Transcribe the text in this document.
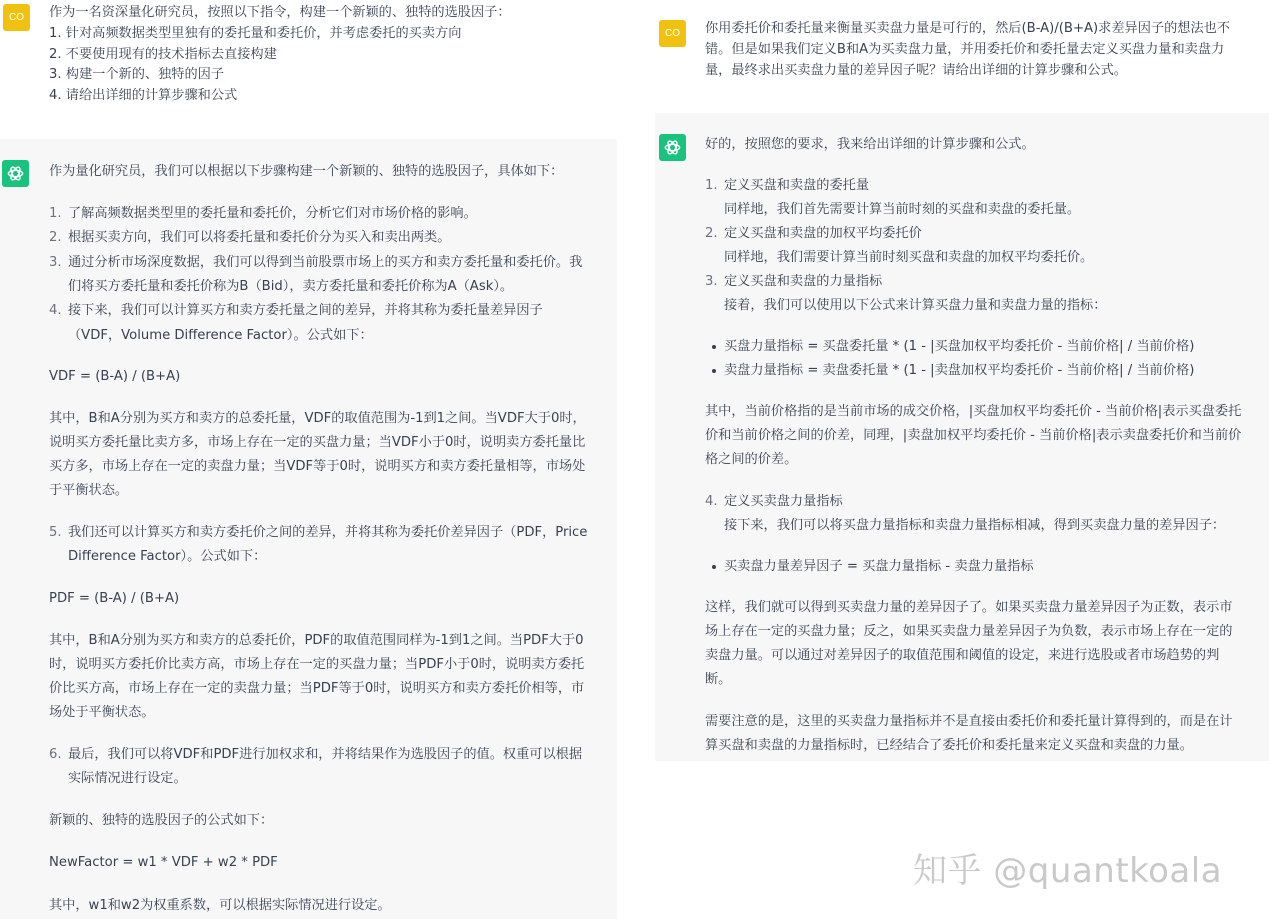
CO	作为一名资深量化研究员，按照以下指令，构建一个新颖的、独特的选股因子：
1. 针对高频数据类型里独有的委托量和委托价，并考虑委托的买卖方向
2. 不要使用现有的技术指标去直接构建
3. 构建一个新的、独特的因子
4. 请给出详细的计算步骤和公式
作为量化研究员，我们可以根据以下步骤构建一个新颖的、独特的选股因子，具体如下：
1. 了解高频数据类型里的委托量和委托价，分析它们对市场价格的影响。
2. 根据买卖方向，我们可以将委托量和委托价分为买入和卖出两类。
3. 通过分析市场深度数据，我们可以得到当前股票市场上的买方和卖方委托量和委托价。我
们将买方委托量和委托价称为B（Bid），卖方委托量和委托价称为A（Ask）。
4. 接下来，我们可以计算买方和卖方委托量之间的差异，并将其称为委托量差异因子
（VDF，Volume Difference Factor）。公式如下：
VDF = (B-A) / (B+A)
其中，B和A分别为买方和卖方的总委托量，VDF的取值范围为-1到1之间。当VDF大于0时，
说明买方委托量比卖方多，市场上存在一定的买盘力量；当VDF小于0时，说明卖方委托量比
买方多，市场上存在一定的卖盘力量；当VDF等于0时，说明买方和卖方委托量相等，市场处
于平衡状态。
5. 我们还可以计算买方和卖方委托价之间的差异，并将其称为委托价差异因子（PDF，Price
Difference Factor）。公式如下：
PDF = (B-A) / (B+A)
其中，B和A分别为买方和卖方的总委托价，PDF的取值范围同样为-1到1之间。当PDF大于0
时，说明买方委托价比卖方高，市场上存在一定的买盘力量；当PDF小于0时，说明卖方委托
价比买方高，市场上存在一定的卖盘力量；当PDF等于0时，说明买方和卖方委托价相等，市
场处于平衡状态。
6. 最后，我们可以将VDF和PDF进行加权求和，并将结果作为选股因子的值。权重可以根据
实际情况进行设定。
新颖的、独特的选股因子的公式如下：
NewFactor = w1 * VDF + w2 * PDF
其中，w1和w2为权重系数，可以根据实际情况进行设定。
CO	你用委托价和委托量来衡量买卖盘力量是可行的，然后(B-A)/(B+A)求差异因子的想法也不
错。但是如果我们定义B和A为买卖盘力量，并用委托价和委托量去定义买盘力量和卖盘力
量，最终求出买卖盘力量的差异因子呢？请给出详细的计算步骤和公式。
好的，按照您的要求，我来给出详细的计算步骤和公式。
1. 定义买盘和卖盘的委托量
同样地，我们首先需要计算当前时刻的买盘和卖盘的委托量。
2. 定义买盘和卖盘的加权平均委托价
同样地，我们需要计算当前时刻买盘和卖盘的加权平均委托价。
3. 定义买盘和卖盘的力量指标
接着，我们可以使用以下公式来计算买盘力量和卖盘力量的指标：
买盘力量指标 = 买盘委托量 * (1 - |买盘加权平均委托价 - 当前价格| / 当前价格)
卖盘力量指标 = 卖盘委托量 * (1 - |卖盘加权平均委托价 - 当前价格| / 当前价格)
其中，当前价格指的是当前市场的成交价格，|买盘加权平均委托价 - 当前价格|表示买盘委托
价和当前价格之间的价差，同理，|卖盘加权平均委托价 - 当前价格|表示卖盘委托价和当前价
格之间的价差。
4. 定义买卖盘力量指标
接下来，我们可以将买盘力量指标和卖盘力量指标相减，得到买卖盘力量的差异因子：
买卖盘力量差异因子 = 买盘力量指标 - 卖盘力量指标
这样，我们就可以得到买卖盘力量的差异因子了。如果买卖盘力量差异因子为正数，表示市
场上存在一定的买盘力量；反之，如果买卖盘力量差异因子为负数，表示市场上存在一定的
卖盘力量。可以通过对差异因子的取值范围和阈值的设定，来进行选股或者市场趋势的判
断。
需要注意的是，这里的买卖盘力量指标并不是直接由委托价和委托量计算得到的，而是在计
算买盘和卖盘的力量指标时，已经结合了委托价和委托量来定义买盘和卖盘的力量。
知乎 @quantkoala
